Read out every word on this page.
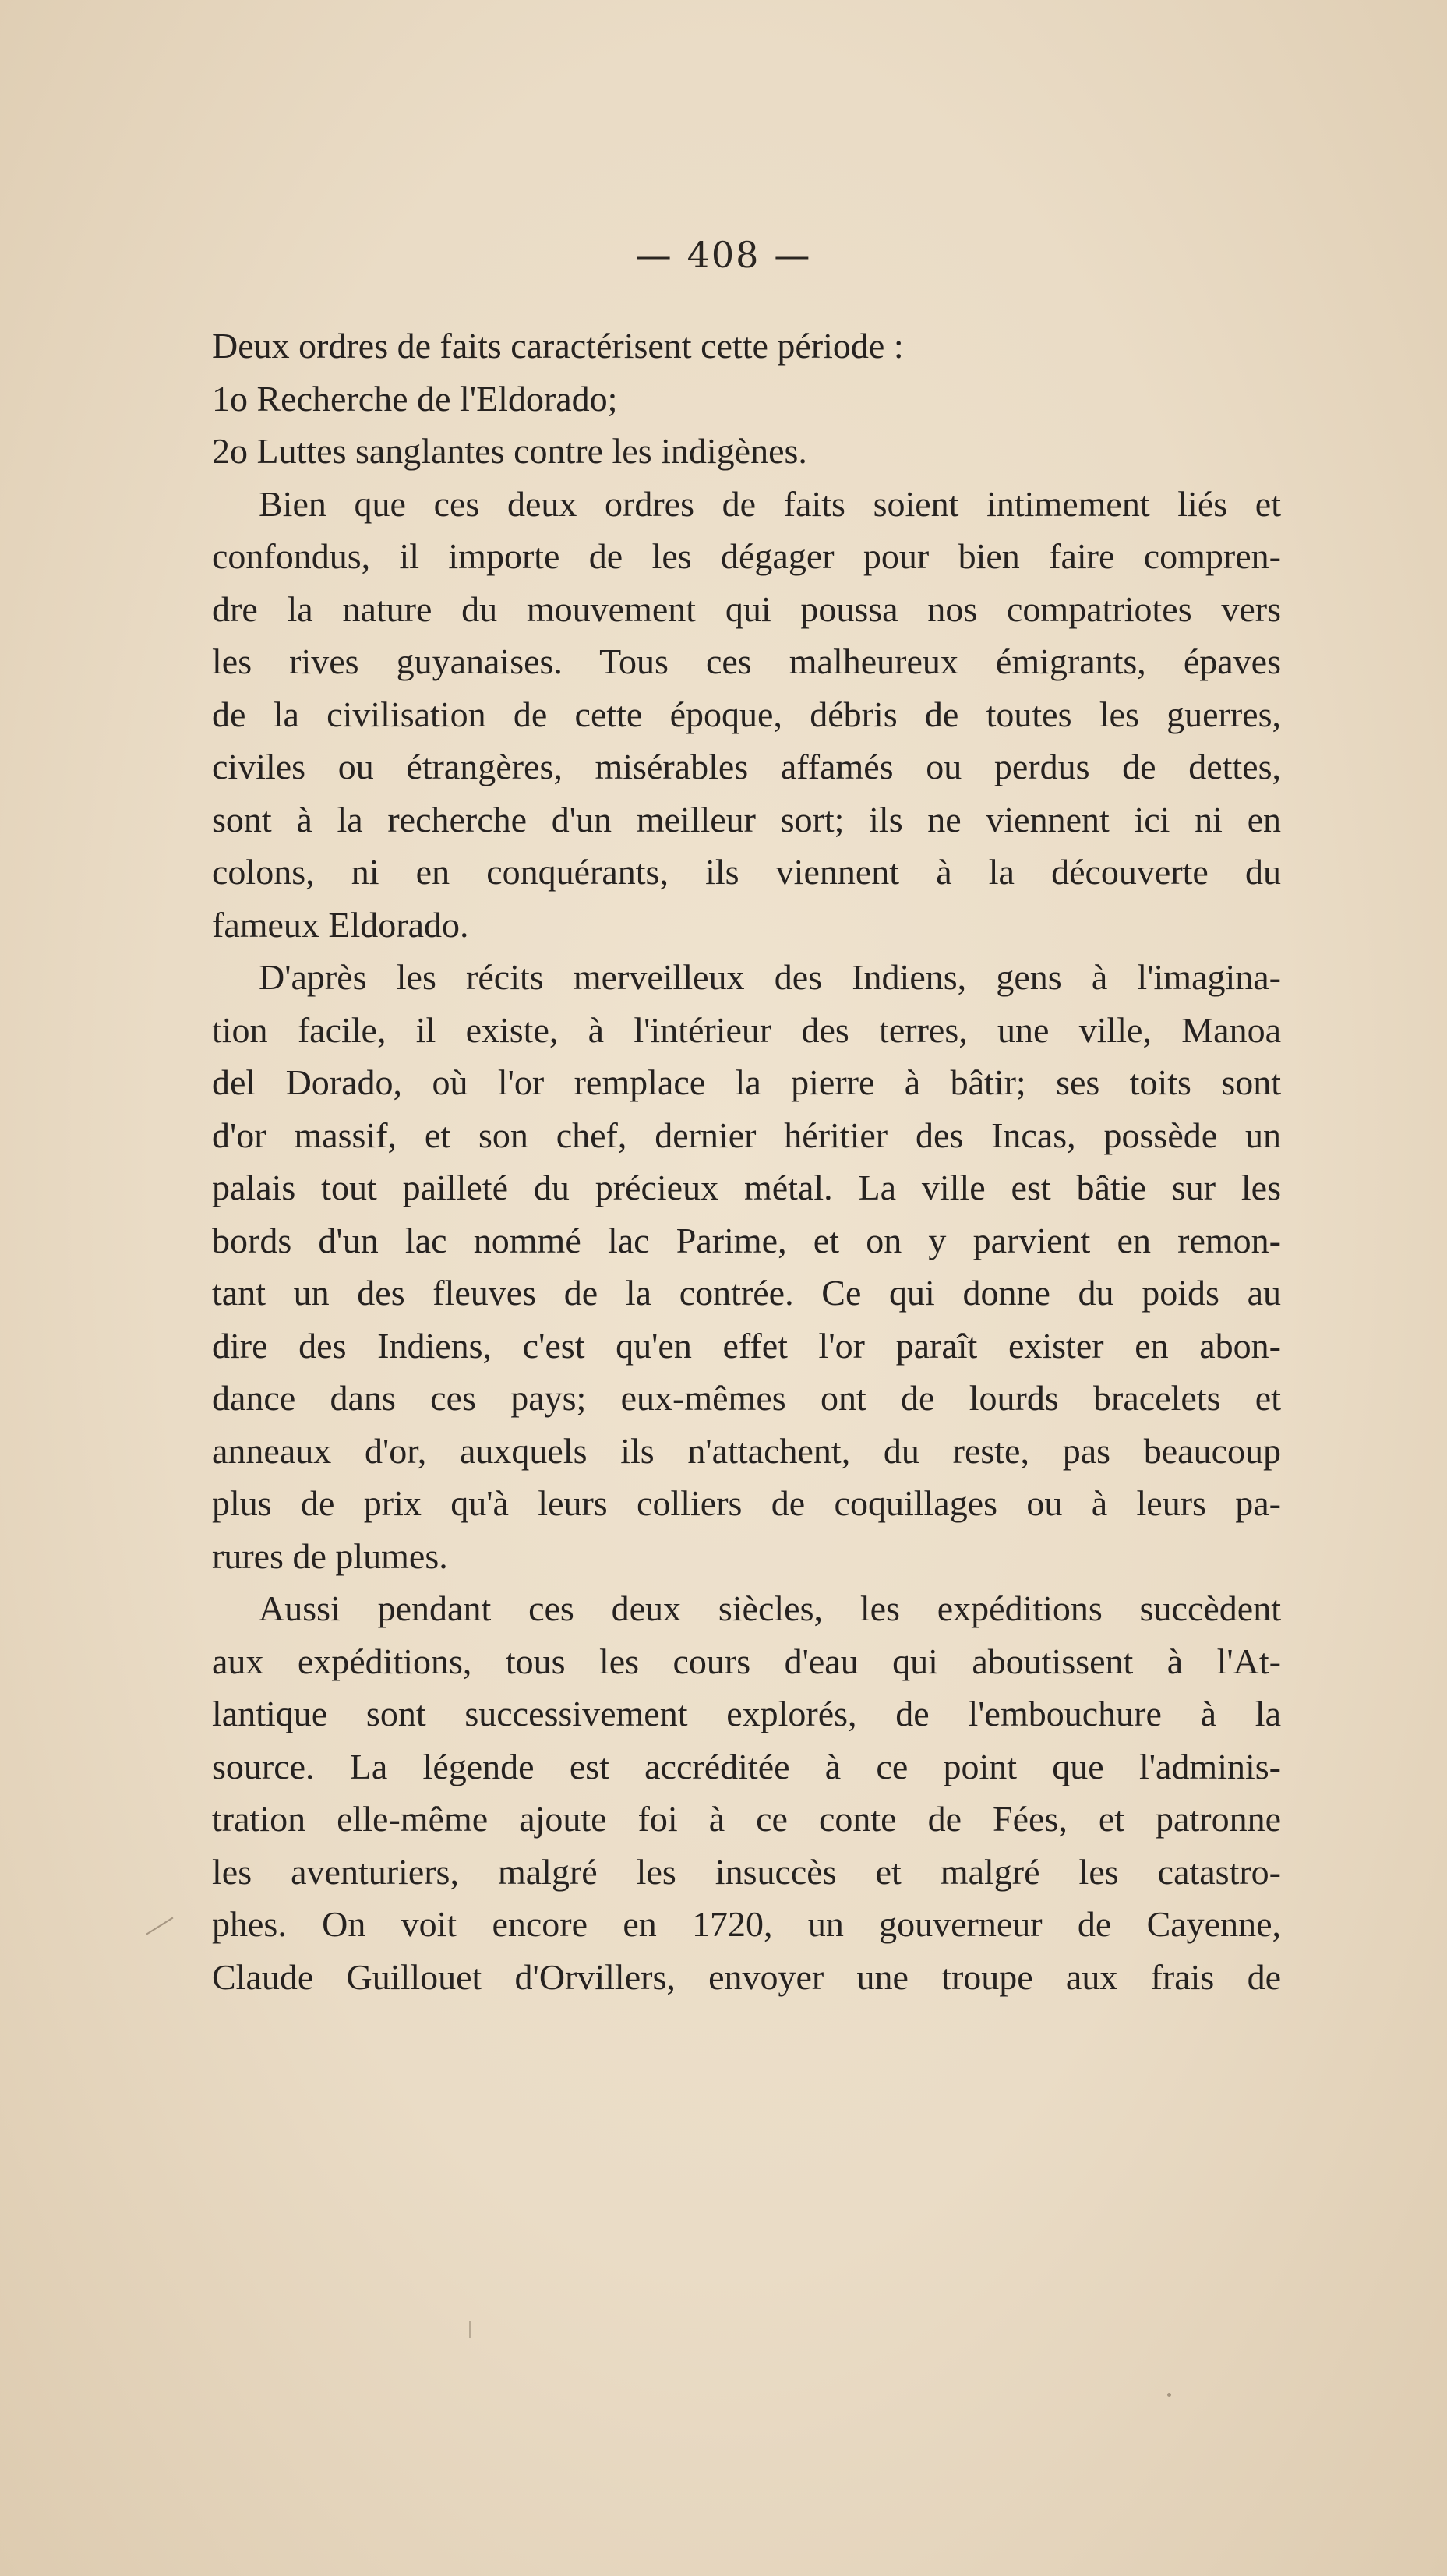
— 408 —
Deux ordres de faits caractérisent cette période :
1o Recherche de l'Eldorado;
2o Luttes sanglantes contre les indigènes.
Bien que ces deux ordres de faits soient intimement liés et
confondus, il importe de les dégager pour bien faire compren-
dre la nature du mouvement qui poussa nos compatriotes vers
les rives guyanaises. Tous ces malheureux émigrants, épaves
de la civilisation de cette époque, débris de toutes les guerres,
civiles ou étrangères, misérables affamés ou perdus de dettes,
sont à la recherche d'un meilleur sort; ils ne viennent ici ni en
colons, ni en conquérants, ils viennent à la découverte du
fameux Eldorado.
D'après les récits merveilleux des Indiens, gens à l'imagina-
tion facile, il existe, à l'intérieur des terres, une ville, Manoa
del Dorado, où l'or remplace la pierre à bâtir; ses toits sont
d'or massif, et son chef, dernier héritier des Incas, possède un
palais tout pailleté du précieux métal. La ville est bâtie sur les
bords d'un lac nommé lac Parime, et on y parvient en remon-
tant un des fleuves de la contrée. Ce qui donne du poids au
dire des Indiens, c'est qu'en effet l'or paraît exister en abon-
dance dans ces pays; eux-mêmes ont de lourds bracelets et
anneaux d'or, auxquels ils n'attachent, du reste, pas beaucoup
plus de prix qu'à leurs colliers de coquillages ou à leurs pa-
rures de plumes.
Aussi pendant ces deux siècles, les expéditions succèdent
aux expéditions, tous les cours d'eau qui aboutissent à l'At-
lantique sont successivement explorés, de l'embouchure à la
source. La légende est accréditée à ce point que l'adminis-
tration elle-même ajoute foi à ce conte de Fées, et patronne
les aventuriers, malgré les insuccès et malgré les catastro-
phes. On voit encore en 1720, un gouverneur de Cayenne,
Claude Guillouet d'Orvillers, envoyer une troupe aux frais de
